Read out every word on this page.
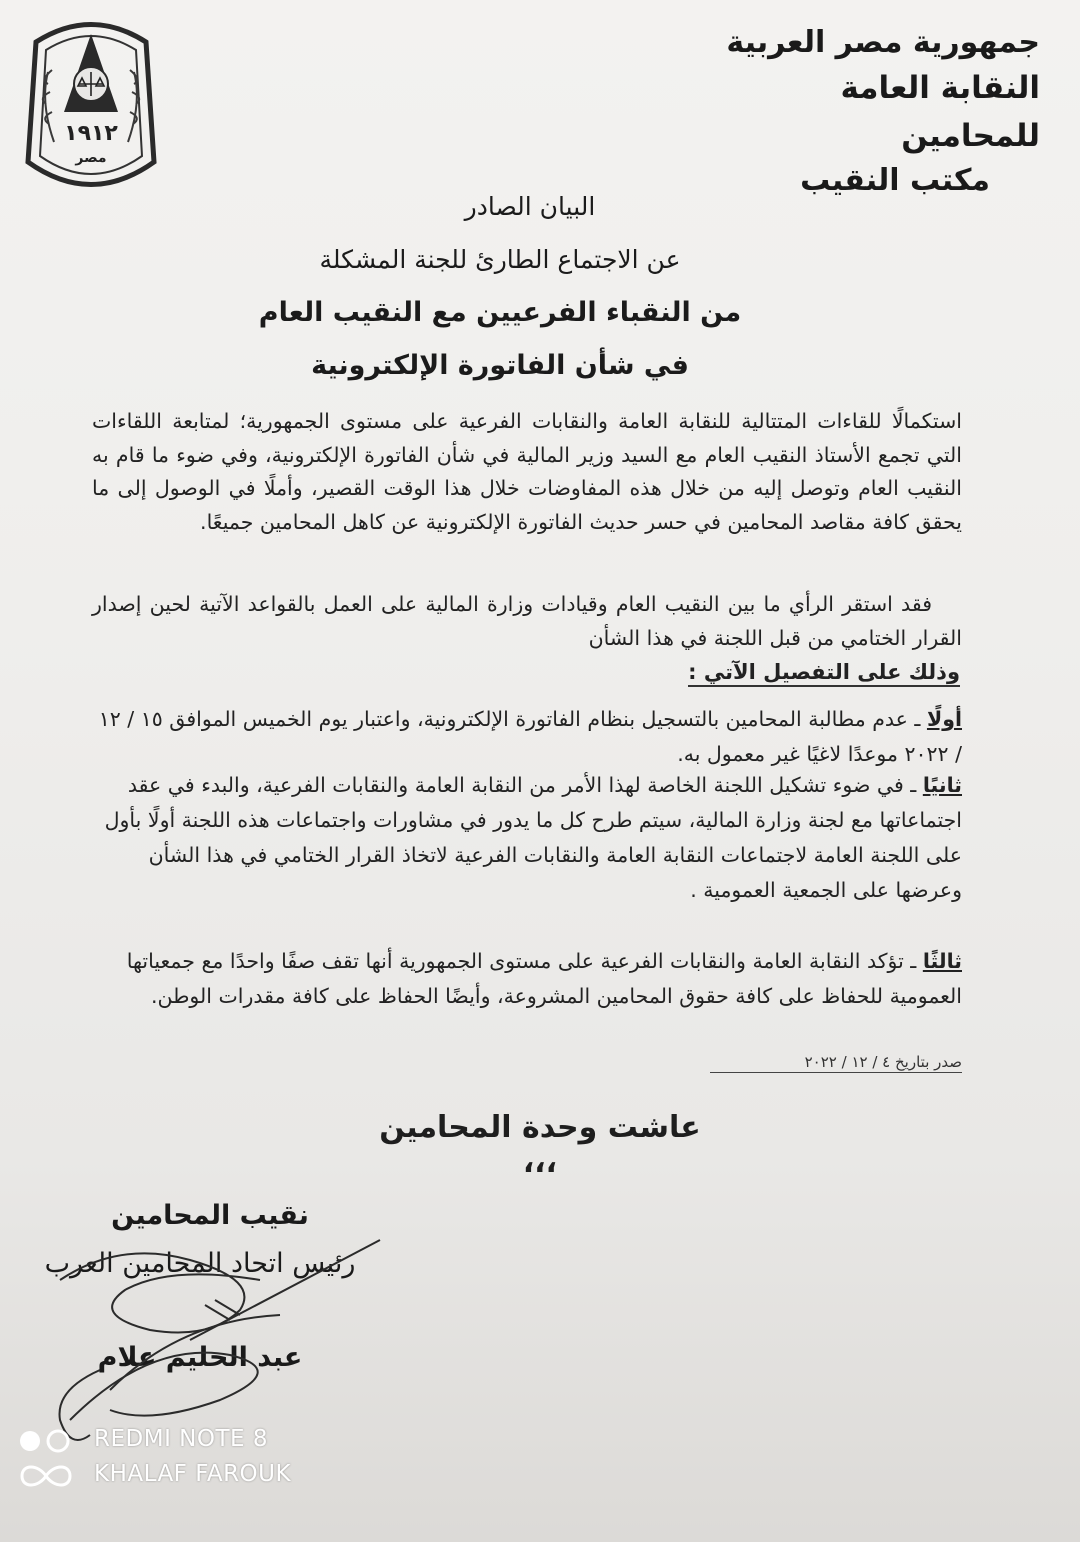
١٩١٢
مصر
جمهورية مصر العربية
النقابة العامة للمحامين
مكتب النقيب
البيان الصادر
عن الاجتماع الطارئ للجنة المشكلة
من النقباء الفرعيين مع النقيب العام
في شأن الفاتورة الإلكترونية
استكمالًا للقاءات المتتالية للنقابة العامة والنقابات الفرعية على مستوى الجمهورية؛ لمتابعة اللقاءات التي تجمع الأستاذ النقيب العام مع السيد وزير المالية في شأن الفاتورة الإلكترونية، وفي ضوء ما قام به النقيب العام وتوصل إليه من خلال هذه المفاوضات خلال هذا الوقت القصير، وأملًا في الوصول إلى ما يحقق كافة مقاصد المحامين في حسر حديث الفاتورة الإلكترونية عن كاهل المحامين جميعًا.
فقد استقر الرأي ما بين النقيب العام وقيادات وزارة المالية على العمل بالقواعد الآتية لحين إصدار القرار الختامي من قبل اللجنة في هذا الشأن
وذلك على التفصيل الآتي :
أولًا ـ عدم مطالبة المحامين بالتسجيل بنظام الفاتورة الإلكترونية، واعتبار يوم الخميس الموافق ١٥ / ١٢ / ٢٠٢٢ موعدًا لاغيًا غير معمول به.
ثانيًا ـ في ضوء تشكيل اللجنة الخاصة لهذا الأمر من النقابة العامة والنقابات الفرعية، والبدء في عقد اجتماعاتها مع لجنة وزارة المالية، سيتم طرح كل ما يدور في مشاورات واجتماعات هذه اللجنة أولًا بأول على اللجنة العامة لاجتماعات النقابة العامة والنقابات الفرعية لاتخاذ القرار الختامي في هذا الشأن وعرضها على الجمعية العمومية .
ثالثًا ـ تؤكد النقابة العامة والنقابات الفرعية على مستوى الجمهورية أنها تقف صفًا واحدًا مع جمعياتها العمومية للحفاظ على كافة حقوق المحامين المشروعة، وأيضًا الحفاظ على كافة مقدرات الوطن.
صدر بتاريخ ٤ / ١٢ / ٢٠٢٢
عاشت وحدة المحامين ،،،
نقيب المحامين
رئيس اتحاد المحامين العرب
عبد الحليم علام
REDMI NOTE 8
KHALAF FAROUK
